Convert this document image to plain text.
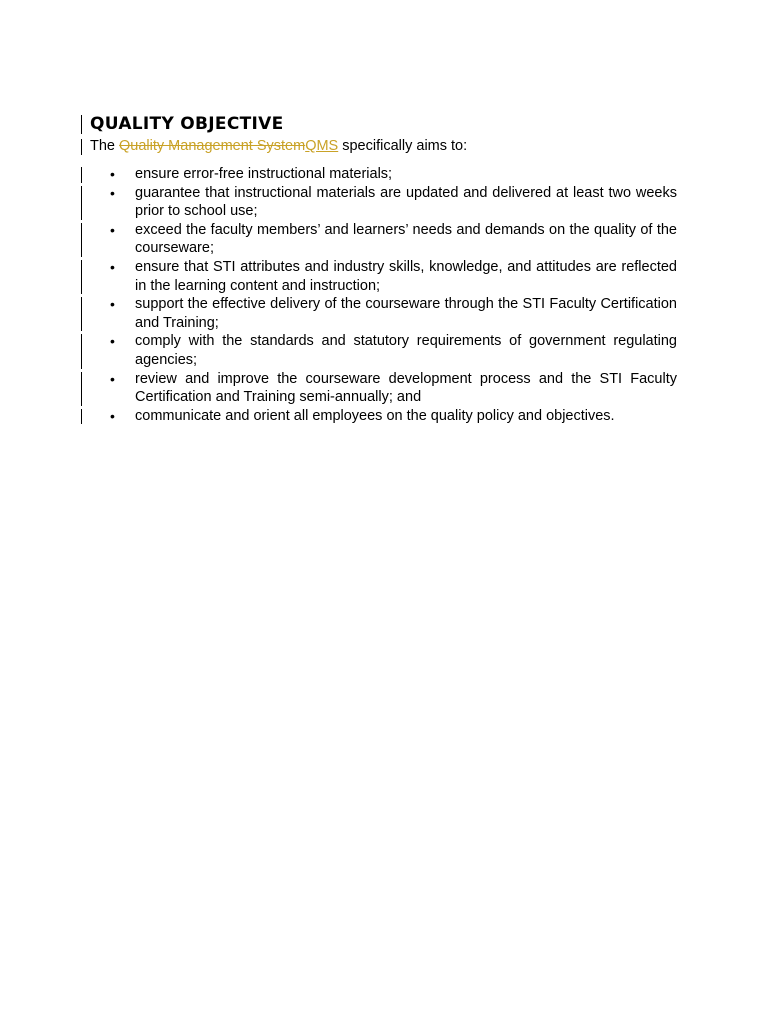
QUALITY OBJECTIVE

The Quality Management SystemQMS specifically aims to:

• ensure error-free instructional materials;
• guarantee that instructional materials are updated and delivered at least two weeks prior to school use;
• exceed the faculty members’ and learners’ needs and demands on the quality of the courseware;
• ensure that STI attributes and industry skills, knowledge, and attitudes are reflected in the learning content and instruction;
• support the effective delivery of the courseware through the STI Faculty Certification and Training;
• comply with the standards and statutory requirements of government regulating agencies;
• review and improve the courseware development process and the STI Faculty Certification and Training semi-annually; and
• communicate and orient all employees on the quality policy and objectives.
